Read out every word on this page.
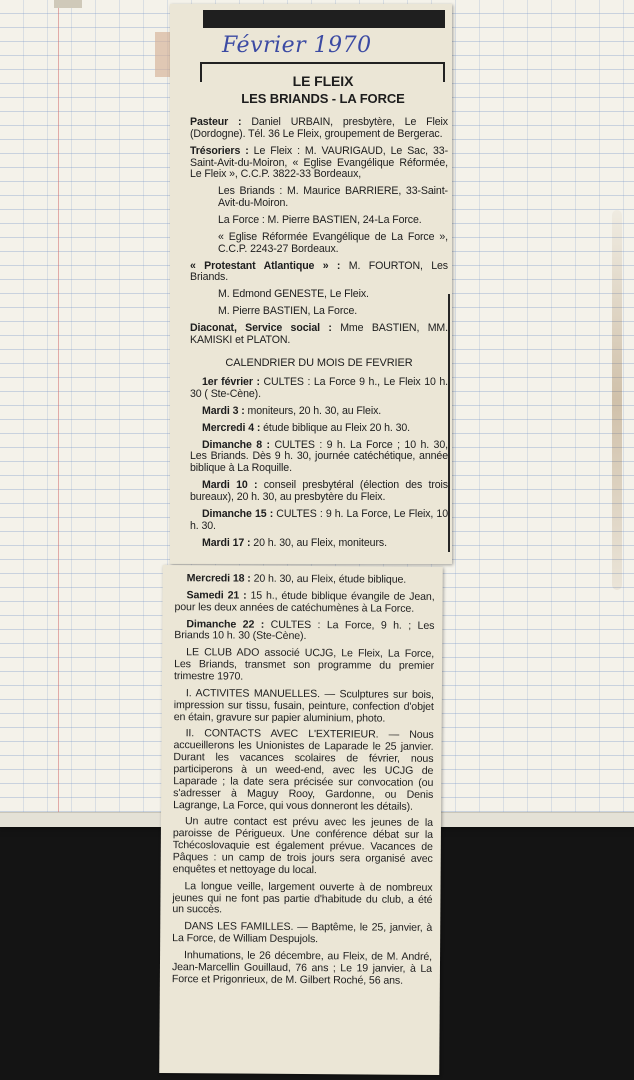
Février 1970
LE FLEIX
LES BRIANDS - LA FORCE

Pasteur : Daniel URBAIN, presbytère, Le Fleix (Dordogne). Tél. 36 Le Fleix, groupement de Bergerac.

Trésoriers : Le Fleix : M. VAURIGAUD, Le Sac, 33-Saint-Avit-du-Moiron, « Eglise Evangélique Réformée, Le Fleix », C.C.P. 3822-33 Bordeaux,

Les Briands : M. Maurice BARRIERE, 33-Saint-Avit-du-Moiron.

La Force : M. Pierre BASTIEN, 24-La Force.

« Eglise Réformée Evangélique de La Force », C.C.P. 2243-27 Bordeaux.

« Protestant Atlantique » : M. FOURTON, Les Briands.

M. Edmond GENESTE, Le Fleix.

M. Pierre BASTIEN, La Force.

Diaconat, Service social : Mme BASTIEN, MM. KAMISKI et PLATON.

CALENDRIER DU MOIS DE FEVRIER

1er février : CULTES : La Force 9 h., Le Fleix 10 h. 30 ( Ste-Cène).

Mardi 3 : moniteurs, 20 h. 30, au Fleix.

Mercredi 4 : étude biblique au Fleix 20 h. 30.

Dimanche 8 : CULTES : 9 h. La Force ; 10 h. 30, Les Briands. Dès 9 h. 30, journée catéchétique, année biblique à La Roquille.

Mardi 10 : conseil presbytéral (élection des trois bureaux), 20 h. 30, au presbytère du Fleix.

Dimanche 15 : CULTES : 9 h. La Force, Le Fleix, 10 h. 30.

Mardi 17 : 20 h. 30, au Fleix, moniteurs.

Mercredi 18 : 20 h. 30, au Fleix, étude biblique.

Samedi 21 : 15 h., étude biblique évangile de Jean, pour les deux années de catéchumènes à La Force.

Dimanche 22 : CULTES : La Force, 9 h. ; Les Briands 10 h. 30 (Ste-Cène).

LE CLUB ADO associé UCJG, Le Fleix, La Force, Les Briands, transmet son programme du premier trimestre 1970.

I. ACTIVITES MANUELLES. — Sculptures sur bois, impression sur tissu, fusain, peinture, confection d'objet en étain, gravure sur papier aluminium, photo.

II. CONTACTS AVEC L'EXTERIEUR. — Nous accueillerons les Unionistes de Laparade le 25 janvier. Durant les vacances scolaires de février, nous participerons à un weed-end, avec les UCJG de Laparade ; la date sera précisée sur convocation (ou s'adresser à Maguy Rooy, Gardonne, ou Denis Lagrange, La Force, qui vous donneront les détails).

Un autre contact est prévu avec les jeunes de la paroisse de Périgueux. Une conférence débat sur la Tchécoslovaquie est également prévue. Vacances de Pâques : un camp de trois jours sera organisé avec enquêtes et nettoyage du local.

La longue veille, largement ouverte à de nombreux jeunes qui ne font pas partie d'habitude du club, a été un succès.

DANS LES FAMILLES. — Baptême, le 25, janvier, à La Force, de William Despujols.

Inhumations, le 26 décembre, au Fleix, de M. André, Jean-Marcellin Gouillaud, 76 ans ; Le 19 janvier, à La Force et Prigonrieux, de M. Gilbert Roché, 56 ans.
